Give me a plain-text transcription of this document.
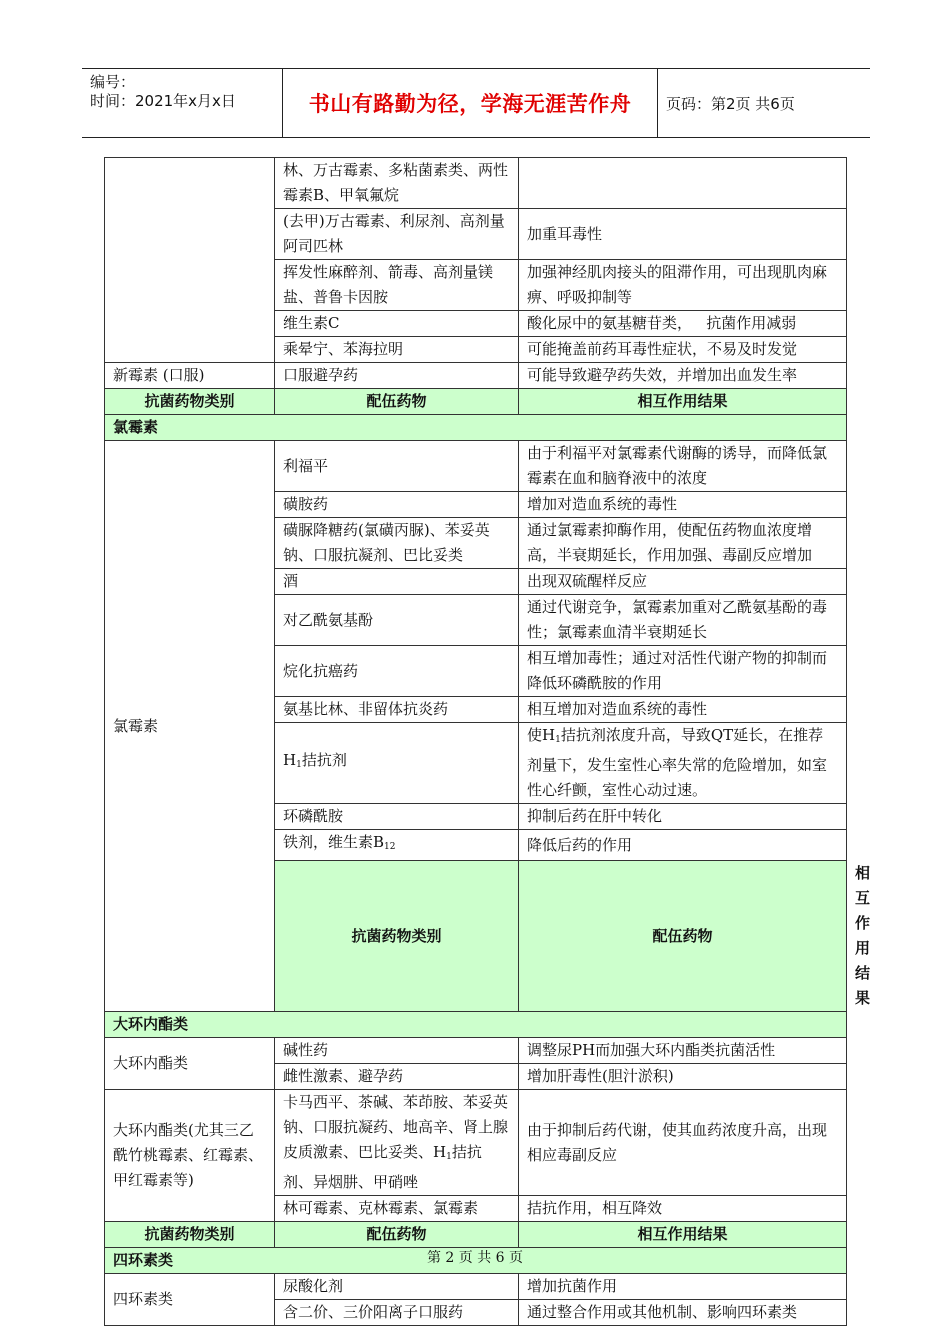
编号：
时间：2021年x月x日	书山有路勤为径，学海无涯苦作舟	页码：第2页 共6页
	林、万古霉素、多粘菌素类、两性霉素B、甲氧氟烷		
	(去甲)万古霉素、利尿剂、高剂量阿司匹林	加重耳毒性	
	挥发性麻醉剂、箭毒、高剂量镁盐、普鲁卡因胺	加强神经肌肉接头的阻滞作用，可出现肌肉麻痹、呼吸抑制等	
	维生素C	酸化尿中的氨基糖苷类，   抗菌作用减弱	
	乘晕宁、苯海拉明	可能掩盖前药耳毒性症状，不易及时发觉	
新霉素 (口服)	口服避孕药	可能导致避孕药失效，并增加出血发生率	
抗菌药物类别	配伍药物	相互作用结果	
氯霉素			
氯霉素	利福平	由于利福平对氯霉素代谢酶的诱导，而降低氯霉素在血和脑脊液中的浓度	
	磺胺药	增加对造血系统的毒性	
	磺脲降糖药(氯磺丙脲)、苯妥英钠、口服抗凝剂、巴比妥类	通过氯霉素抑酶作用，使配伍药物血浓度增高，半衰期延长，作用加强、毒副反应增加	
	酒	出现双硫醒样反应	
	对乙酰氨基酚	通过代谢竞争，氯霉素加重对乙酰氨基酚的毒性；氯霉素血清半衰期延长	
	烷化抗癌药	相互增加毒性；通过对活性代谢产物的抑制而降低环磷酰胺的作用	
	氨基比林、非留体抗炎药	相互增加对造血系统的毒性	
	$H_1$拮抗剂	使$H_1$拮抗剂浓度升高，导致QT延长，在推荐剂量下，发生室性心率失常的危险增加，如室性心纤颤，室性心动过速。	
	环磷酰胺	抑制后药在肝中转化	
	铁剂，维生素$B_{12}$	降低后药的作用	
	抗菌药物类别	配伍药物	相互作用结果
大环内酯类			
大环内酯类	碱性药	调整尿PH而加强大环内酯类抗菌活性	
	雌性激素、避孕药	增加肝毒性(胆汁淤积)	
大环内酯类(尤其三乙酰竹桃霉素、红霉素、甲红霉素等)	卡马西平、茶碱、苯茚胺、苯妥英钠、口服抗凝药、地高辛、肾上腺皮质激素、巴比妥类、$H_1$拮抗剂、异烟肼、甲硝唑	由于抑制后药代谢，使其血药浓度升高，出现相应毒副反应	
	林可霉素、克林霉素、氯霉素	拮抗作用，相互降效	
抗菌药物类别	配伍药物	相互作用结果	
四环素类			
四环素类	尿酸化剂	增加抗菌作用	
	含二价、三价阳离子口服药	通过整合作用或其他机制、影响四环素类	
第 2 页 共 6 页
